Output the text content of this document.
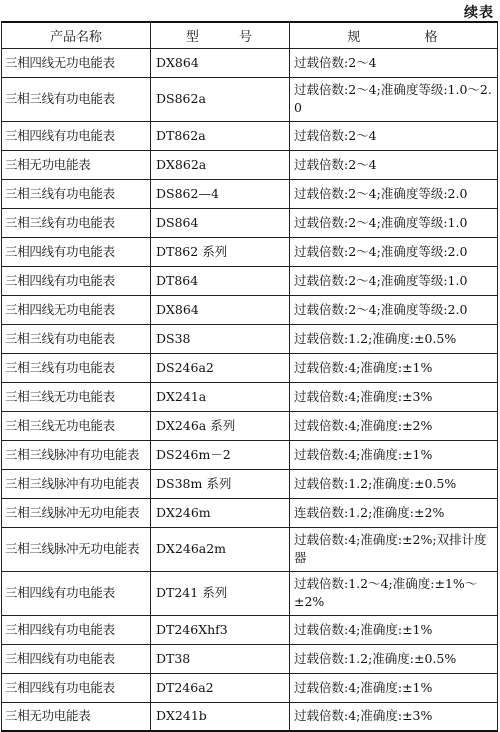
续表
产品名称	型 号	规 格
三相四线无功电能表	DX864	过载倍数:2～4
三相三线有功电能表	DS862a	过载倍数:2～4;准确度等级:1.0～2.0
三相四线有功电能表	DT862a	过载倍数:2～4
三相无功电能表	DX862a	过载倍数:2～4
三相三线有功电能表	DS862—4	过载倍数:2～4;准确度等级:2.0
三相三线有功电能表	DS864	过载倍数:2～4;准确度等级:1.0
三相四线有功电能表	DT862 系列	过载倍数:2～4;准确度等级:2.0
三相四线有功电能表	DT864	过载倍数:2～4;准确度等级:1.0
三相四线无功电能表	DX864	过载倍数:2～4;准确度等级:2.0
三相三线有功电能表	DS38	过载倍数:1.2;准确度:±0.5%
三相三线有功电能表	DS246a2	过载倍数:4;准确度:±1%
三相三线无功电能表	DX241a	过载倍数:4;准确度:±3%
三相三线无功电能表	DX246a 系列	过载倍数:4;准确度:±2%
三相三线脉冲有功电能表	DS246m－2	过载倍数:4;准确度:±1%
三相三线脉冲有功电能表	DS38m 系列	过载倍数:1.2;准确度:±0.5%
三相三线脉冲无功电能表	DX246m	连载倍数:1.2;准确度:±2%
三相三线脉冲无功电能表	DX246a2m	过载倍数:4;准确度:±2%;双排计度器
三相四线有功电能表	DT241 系列	过载倍数:1.2～4;准确度:±1%～±2%
三相四线有功电能表	DT246Xhf3	过载倍数:4;准确度:±1%
三相四线有功电能表	DT38	过载倍数:1.2;准确度:±0.5%
三相四线有功电能表	DT246a2	过载倍数:4;准确度:±1%
三相无功电能表	DX241b	过载倍数:4;准确度:±3%
